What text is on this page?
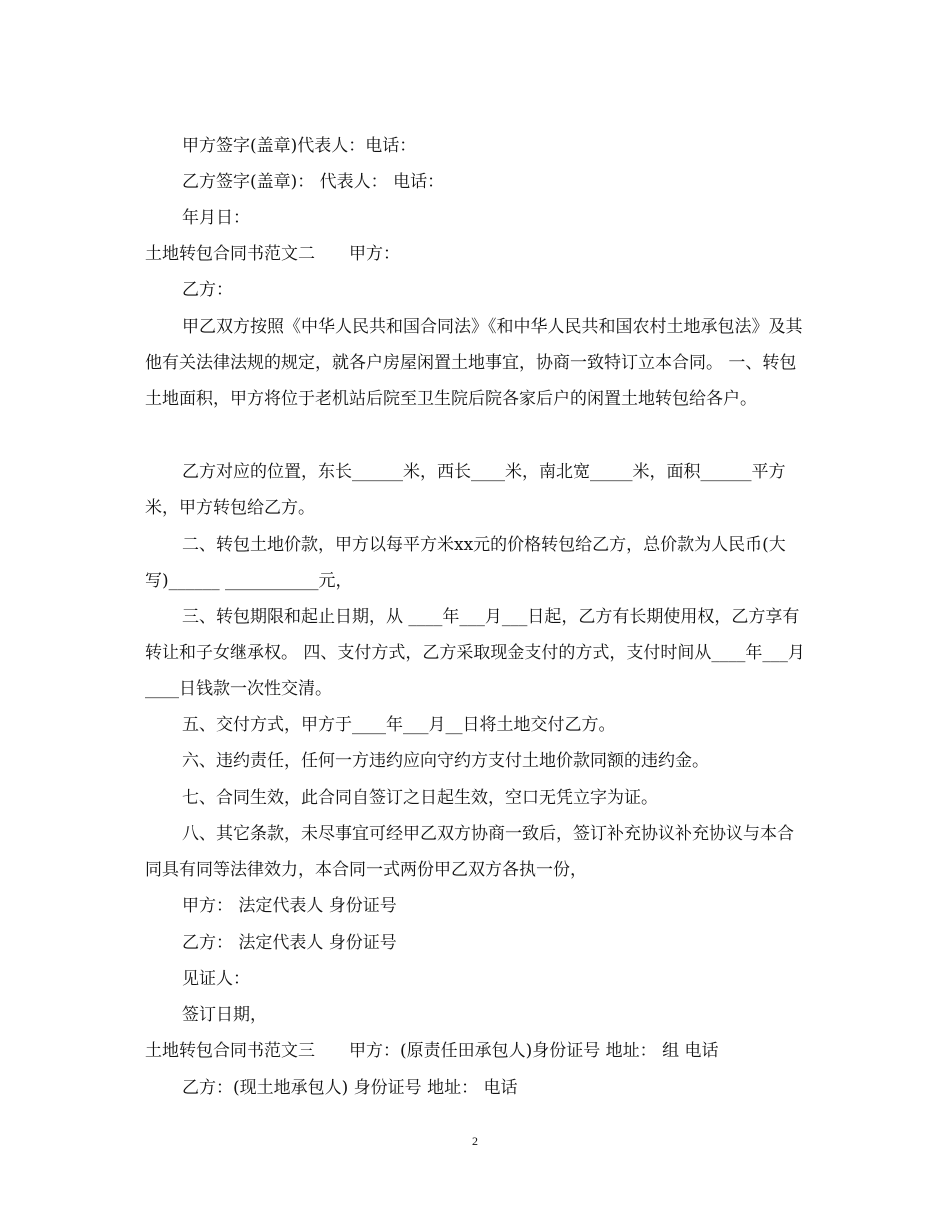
甲方签字(盖章)代表人：电话：

乙方签字(盖章)： 代表人： 电话：

年月日：

土地转包合同书范文二　　甲方：

乙方：

甲乙双方按照《中华人民共和国合同法》《和中华人民共和国农村土地承包法》及其他有关法律法规的规定，就各户房屋闲置土地事宜，协商一致特订立本合同。 一、转包土地面积，甲方将位于老机站后院至卫生院后院各家后户的闲置土地转包给各户。

乙方对应的位置，东长______米，西长____米，南北宽_____米，面积______平方米，甲方转包给乙方。

二、转包土地价款，甲方以每平方米xx元的价格转包给乙方，总价款为人民币(大写)______ ___________元，

三、转包期限和起止日期，从 ____年___月___日起，乙方有长期使用权，乙方享有转让和子女继承权。 四、支付方式，乙方采取现金支付的方式，支付时间从____年___月____日钱款一次性交清。

五、交付方式，甲方于____年___月__日将土地交付乙方。

六、违约责任，任何一方违约应向守约方支付土地价款同额的违约金。

七、合同生效，此合同自签订之日起生效，空口无凭立字为证。

八、其它条款，未尽事宜可经甲乙双方协商一致后，签订补充协议补充协议与本合同具有同等法律效力，本合同一式两份甲乙双方各执一份，

甲方： 法定代表人 身份证号

乙方： 法定代表人 身份证号

见证人：

签订日期，

土地转包合同书范文三　　甲方：(原责任田承包人)身份证号 地址： 组 电话

乙方：(现土地承包人) 身份证号 地址： 电话

2
